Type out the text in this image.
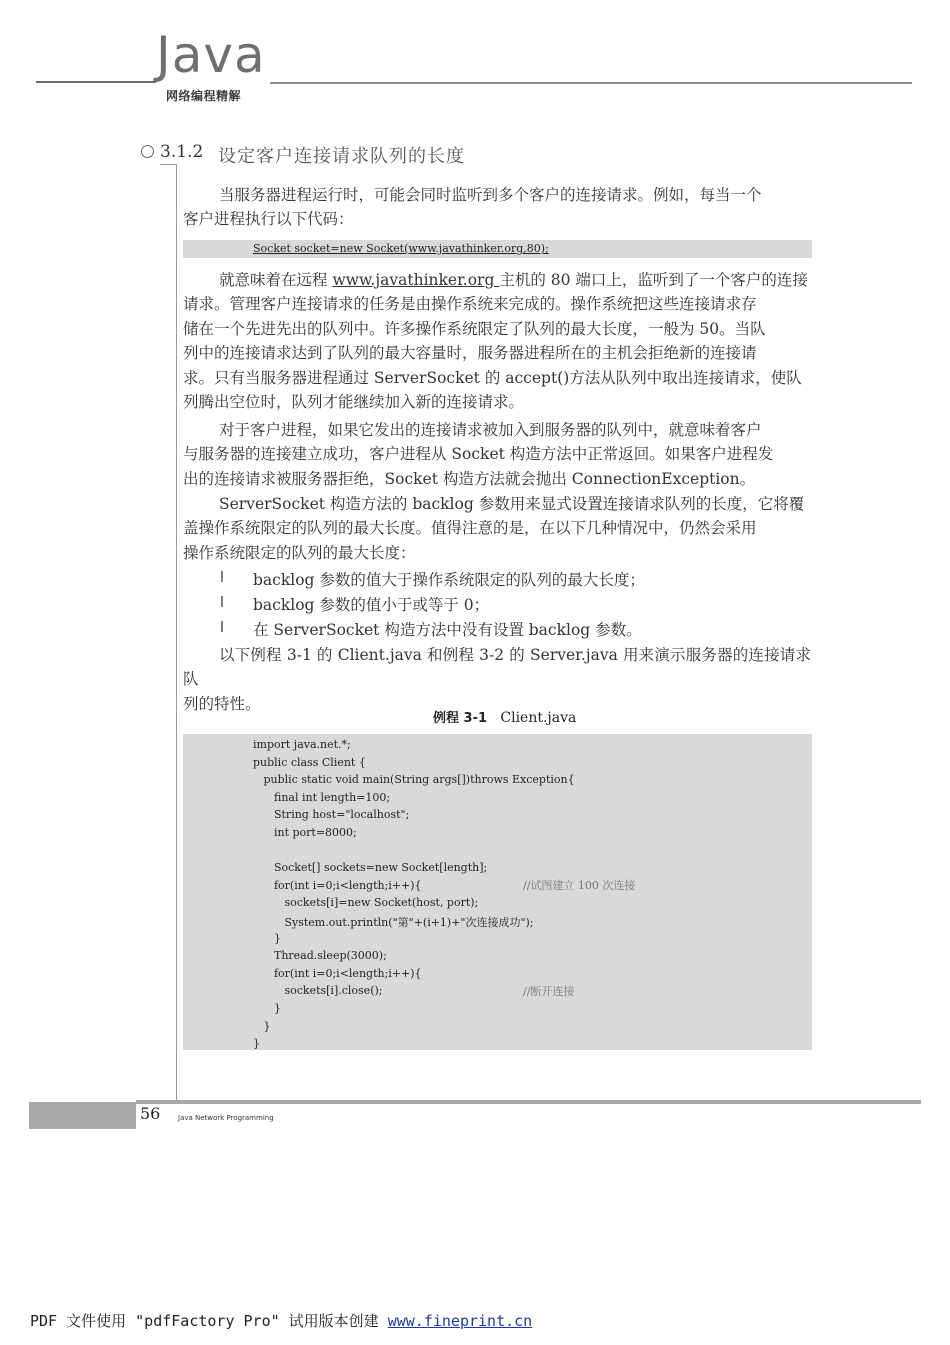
Java
网络编程精解
3.1.2 设定客户连接请求队列的长度
当服务器进程运行时，可能会同时监听到多个客户的连接请求。例如，每当一个
客户进程执行以下代码：
Socket socket=new Socket(www.javathinker.org,80);
就意味着在远程 www.javathinker.org 主机的 80 端口上，监听到了一个客户的连接
请求。管理客户连接请求的任务是由操作系统来完成的。操作系统把这些连接请求存
储在一个先进先出的队列中。许多操作系统限定了队列的最大长度，一般为 50。当队
列中的连接请求达到了队列的最大容量时，服务器进程所在的主机会拒绝新的连接请
求。只有当服务器进程通过 ServerSocket 的 accept()方法从队列中取出连接请求，使队
列腾出空位时，队列才能继续加入新的连接请求。
对于客户进程，如果它发出的连接请求被加入到服务器的队列中，就意味着客户
与服务器的连接建立成功，客户进程从 Socket 构造方法中正常返回。如果客户进程发
出的连接请求被服务器拒绝，Socket 构造方法就会抛出 ConnectionException。
ServerSocket 构造方法的 backlog 参数用来显式设置连接请求队列的长度，它将覆
盖操作系统限定的队列的最大长度。值得注意的是，在以下几种情况中，仍然会采用
操作系统限定的队列的最大长度：
l backlog 参数的值大于操作系统限定的队列的最大长度；
l backlog 参数的值小于或等于 0；
l 在 ServerSocket 构造方法中没有设置 backlog 参数。
以下例程 3-1 的 Client.java 和例程 3-2 的 Server.java 用来演示服务器的连接请求队
列的特性。
例程 3-1 Client.java
//试图建立 100 次连接
//断开连接
import java.net.*;
public class Client {
public static void main(String args[])throws Exception{
final int length=100;
String host="localhost";
int port=8000;
Socket[] sockets=new Socket[length];
for(int i=0;i<length;i++){
sockets[i]=new Socket(host, port);
System.out.println("第"+(i+1)+"次连接成功");
}
Thread.sleep(3000);
for(int i=0;i<length;i++){
sockets[i].close();
}
}
}
56	Java Network Programming
PDF 文件使用 "pdfFactory Pro" 试用版本创建 www.fineprint.cn
